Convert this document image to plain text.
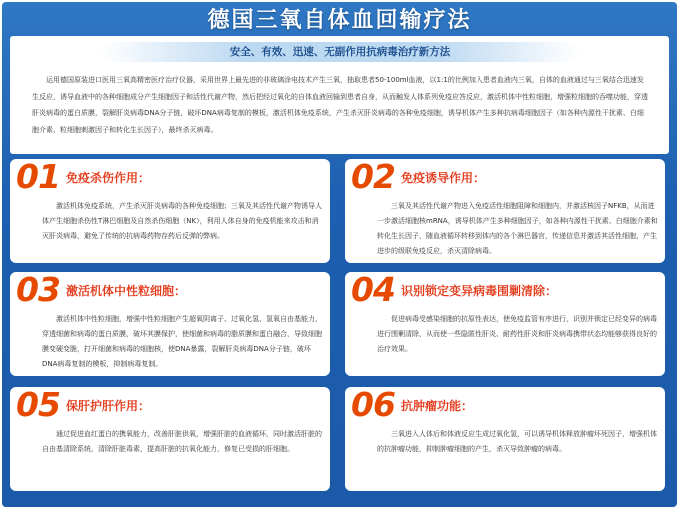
德国三氧自体血回输疗法
安全、有效、迅速、无副作用抗病毒治疗新方法
运用德国原装进口医用三氧高精密医疗治疗仪器，采用世界上最先进的非玻璃涂电技术产生三氧，抽取患者50-100ml血液，以1:1的比例加入患者血液内三氧，自体的血液通过与三氧结合迅速发生反应，诱导血液中的各种细胞成分产生细胞因子和活性代谢产物，然后把经过氧化的自体血液回输到患者自身，从而触发人体系列免疫应答反应，激活机体中性粒细胞，增强粒细胞的吞噬功能，穿透肝炎病毒的蛋白质膜，裂解肝炎病毒DNA分子链，破坏DNA病毒复制的模板，激活机体免疫系统，产生杀灭肝炎病毒的各种免疫细胞，诱导机体产生多种抗病毒细胞因子（如各种内源性干扰素、白细胞介素、粒细胞刺激因子和转化生长因子），最终杀灭病毒。
01 免疫杀伤作用：
激活机体免疫系统，产生杀灭肝炎病毒的各种免疫细胞；三氧及其活性代谢产物诱导人体产生细胞杀伤性T淋巴细胞及自然杀伤细胞（NK），利用人体自身的免疫机能来攻击和消灭肝炎病毒，避免了传统的抗病毒药物存药后反弹的弊病。
02 免疫诱导作用：
三氧及其活性代谢产物进入免疫活性细胞阻障和细胞内，并激活核因子NFKB，从而进一步激活细胞核mRNA，诱导机体产生多种细胞因子，如各种内源性干扰素、白细胞介素和转化生长因子，随血液循环转移到体内的各个淋巴器官，传递信息并激活其活性细胞，产生进步的级联免疫反应，杀灭清除病毒。
03 激活机体中性粒细胞：
激活机体中性粒细胞，增强中性粒细胞产生超氧阴离子、过氧化氢、氢氧自由基能力，穿透细菌和病毒的蛋白质膜，破坏其膜保护，使细菌和病毒的脂质膜和蛋白融合，导致细胞膜变硬变脆，打开细菌和病毒的细胞核，使DNA暴露，裂解肝炎病毒DNA分子链，破坏DNA病毒复制的模板，抑制病毒复制。
04 识别锁定变异病毒围剿清除：
促进病毒受感染细胞的抗原性表达，使免疫监管有序进行，识别并锁定已经变异的病毒进行围剿清除，从而使一些隐匿性肝炎、耐药性肝炎和肝炎病毒携带状态均能够获得良好的治疗效果。
05 保肝护肝作用：
通过促进血红蛋白的携氧能力，改善肝脏供氧，增强肝脏的血液循环，同时激活肝脏的自由基清除系统，清除肝脏毒素，提高肝脏的抗氧化能力，修复已受损的肝细胞。
06 抗肿瘤功能：
三氧进入人体后和体液反应生成过氧化氢，可以诱导机体释放肿瘤坏死因子，增强机体的抗肿瘤功能，抑制肿瘤细胞的产生，杀灭导致肿瘤的病毒。
